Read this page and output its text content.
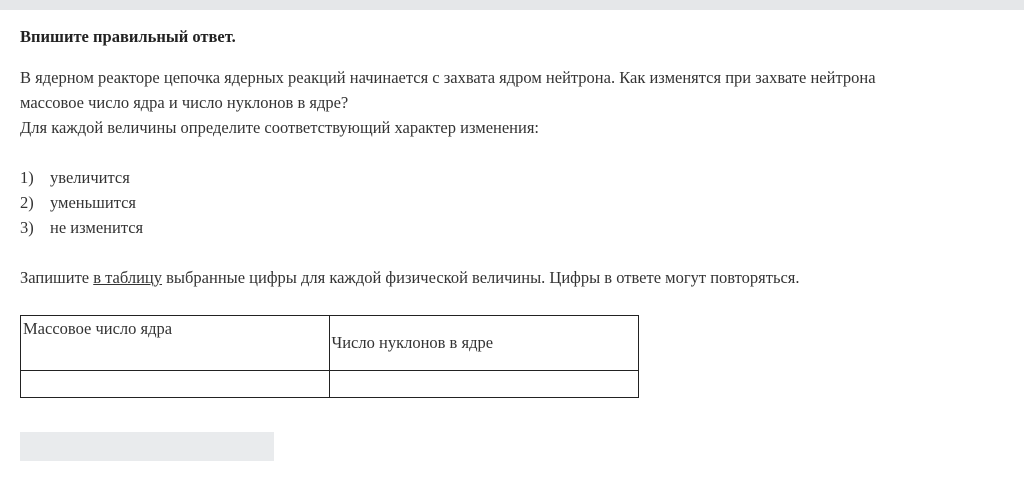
Впишите правильный ответ.

В ядерном реакторе цепочка ядерных реакций начинается с захвата ядром нейтрона. Как изменятся при захвате нейтрона

массовое число ядра и число нуклонов в ядре?

Для каждой величины определите соответствующий характер изменения:

1) увеличится
2) уменьшится
3) не изменится
Запишите в таблицу выбранные цифры для каждой физической величины. Цифры в ответе могут повторяться.
Массовое число ядра	Число нуклонов в ядре
